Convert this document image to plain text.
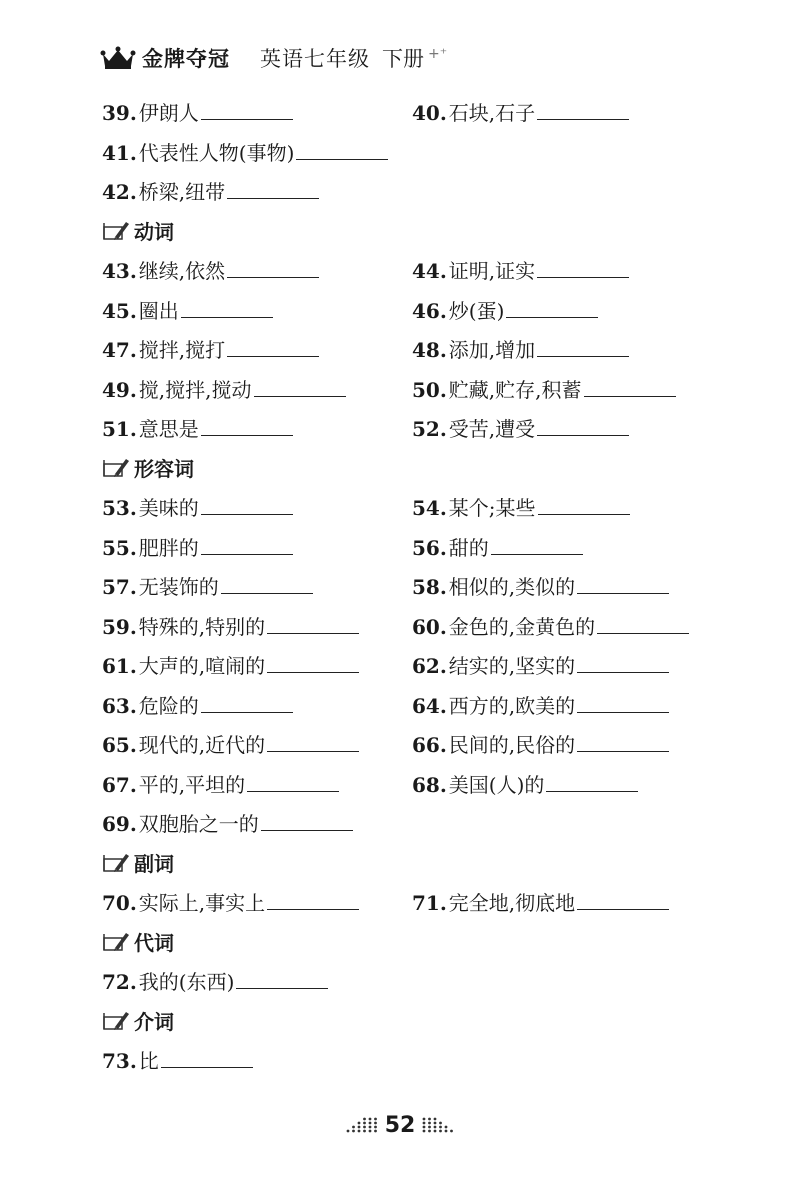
金牌夺冠 英语七年级 下册 +⁺
39. 伊朗人	40. 石块,石子
41. 代表性人物(事物)
42. 桥梁,纽带
动词
43. 继续,依然	44. 证明,证实
45. 圈出	46. 炒(蛋)
47. 搅拌,搅打	48. 添加,增加
49. 搅,搅拌,搅动	50. 贮藏,贮存,积蓄
51. 意思是	52. 受苦,遭受
形容词
53. 美味的	54. 某个;某些
55. 肥胖的	56. 甜的
57. 无装饰的	58. 相似的,类似的
59. 特殊的,特别的	60. 金色的,金黄色的
61. 大声的,喧闹的	62. 结实的,坚实的
63. 危险的	64. 西方的,欧美的
65. 现代的,近代的	66. 民间的,民俗的
67. 平的,平坦的	68. 美国(人)的
69. 双胞胎之一的
副词
70. 实际上,事实上	71. 完全地,彻底地
代词
72. 我的(东西)
介词
73. 比
52
